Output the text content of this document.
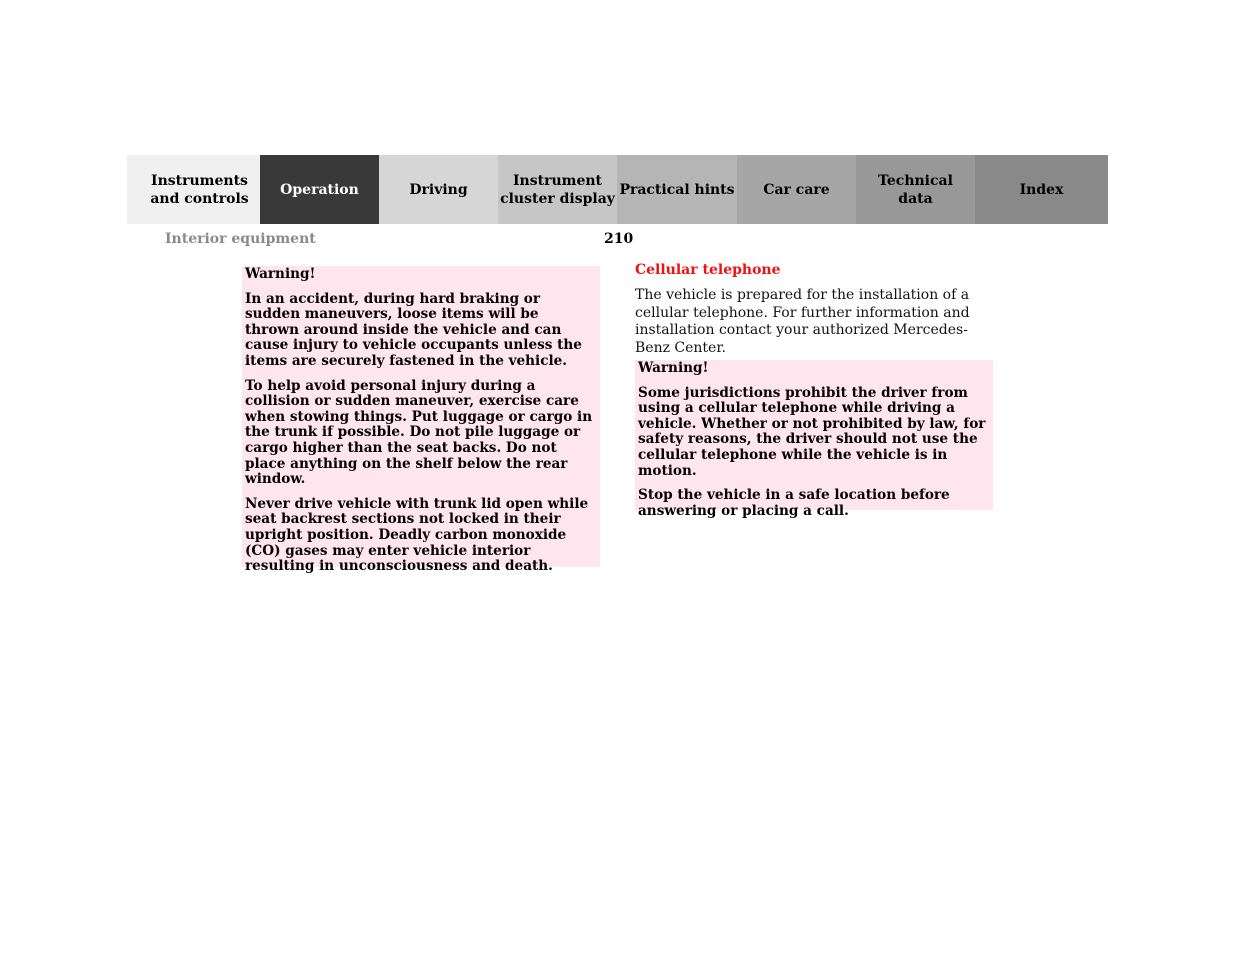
Instruments
and controls
Operation	Driving
Instrument
cluster display
Practical hints	Car care
Technical
data
Index
Interior equipment	210
Warning!

In an accident, during hard braking or sudden maneuvers, loose items will be thrown around inside the vehicle and can cause injury to vehicle occupants unless the items are securely fastened in the vehicle.

To help avoid personal injury during a collision or sudden maneuver, exercise care when stowing things. Put luggage or cargo in the trunk if possible. Do not pile luggage or cargo higher than the seat backs. Do not place anything on the shelf below the rear window.

Never drive vehicle with trunk lid open while seat backrest sections not locked in their upright position. Deadly carbon monoxide (CO) gases may enter vehicle interior resulting in unconsciousness and death.

Cellular telephone

The vehicle is prepared for the installation of a cellular telephone. For further information and installation contact your authorized Mercedes-Benz Center.

Warning!

Some jurisdictions prohibit the driver from using a cellular telephone while driving a vehicle. Whether or not prohibited by law, for safety reasons, the driver should not use the cellular telephone while the vehicle is in motion.

Stop the vehicle in a safe location before answering or placing a call.
